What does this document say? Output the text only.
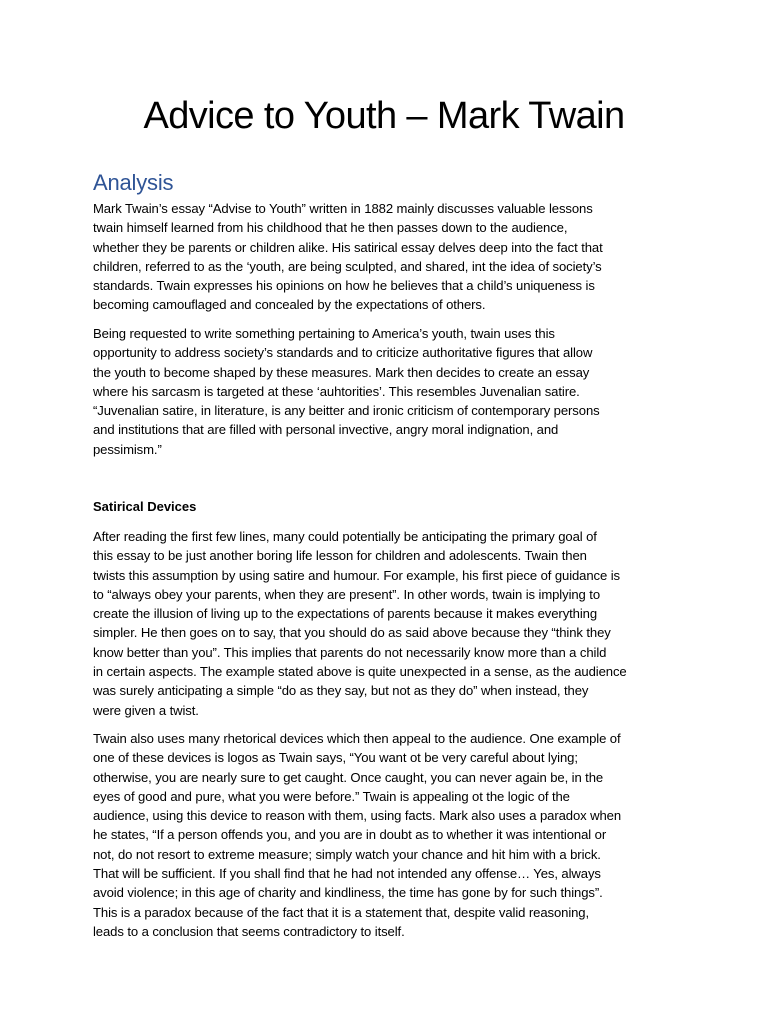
Advice to Youth – Mark Twain
Analysis

Mark Twain’s essay “Advise to Youth” written in 1882 mainly discusses valuable lessons
twain himself learned from his childhood that he then passes down to the audience,
whether they be parents or children alike. His satirical essay delves deep into the fact that
children, referred to as the ‘youth, are being sculpted, and shared, int the idea of society’s
standards. Twain expresses his opinions on how he believes that a child’s uniqueness is
becoming camouflaged and concealed by the expectations of others.

Being requested to write something pertaining to America’s youth, twain uses this
opportunity to address society’s standards and to criticize authoritative figures that allow
the youth to become shaped by these measures. Mark then decides to create an essay
where his sarcasm is targeted at these ‘auhtorities’. This resembles Juvenalian satire.
“Juvenalian satire, in literature, is any beitter and ironic criticism of contemporary persons
and institutions that are filled with personal invective, angry moral indignation, and
pessimism.”

Satirical Devices

After reading the first few lines, many could potentially be anticipating the primary goal of
this essay to be just another boring life lesson for children and adolescents. Twain then
twists this assumption by using satire and humour. For example, his first piece of guidance is
to “always obey your parents, when they are present”. In other words, twain is implying to
create the illusion of living up to the expectations of parents because it makes everything
simpler. He then goes on to say, that you should do as said above because they “think they
know better than you”. This implies that parents do not necessarily know more than a child
in certain aspects. The example stated above is quite unexpected in a sense, as the audience
was surely anticipating a simple “do as they say, but not as they do” when instead, they
were given a twist.

Twain also uses many rhetorical devices which then appeal to the audience. One example of
one of these devices is logos as Twain says, “You want ot be very careful about lying;
otherwise, you are nearly sure to get caught. Once caught, you can never again be, in the
eyes of good and pure, what you were before.” Twain is appealing ot the logic of the
audience, using this device to reason with them, using facts. Mark also uses a paradox when
he states, “If a person offends you, and you are in doubt as to whether it was intentional or
not, do not resort to extreme measure; simply watch your chance and hit him with a brick.
That will be sufficient. If you shall find that he had not intended any offense… Yes, always
avoid violence; in this age of charity and kindliness, the time has gone by for such things”.
This is a paradox because of the fact that it is a statement that, despite valid reasoning,
leads to a conclusion that seems contradictory to itself.
